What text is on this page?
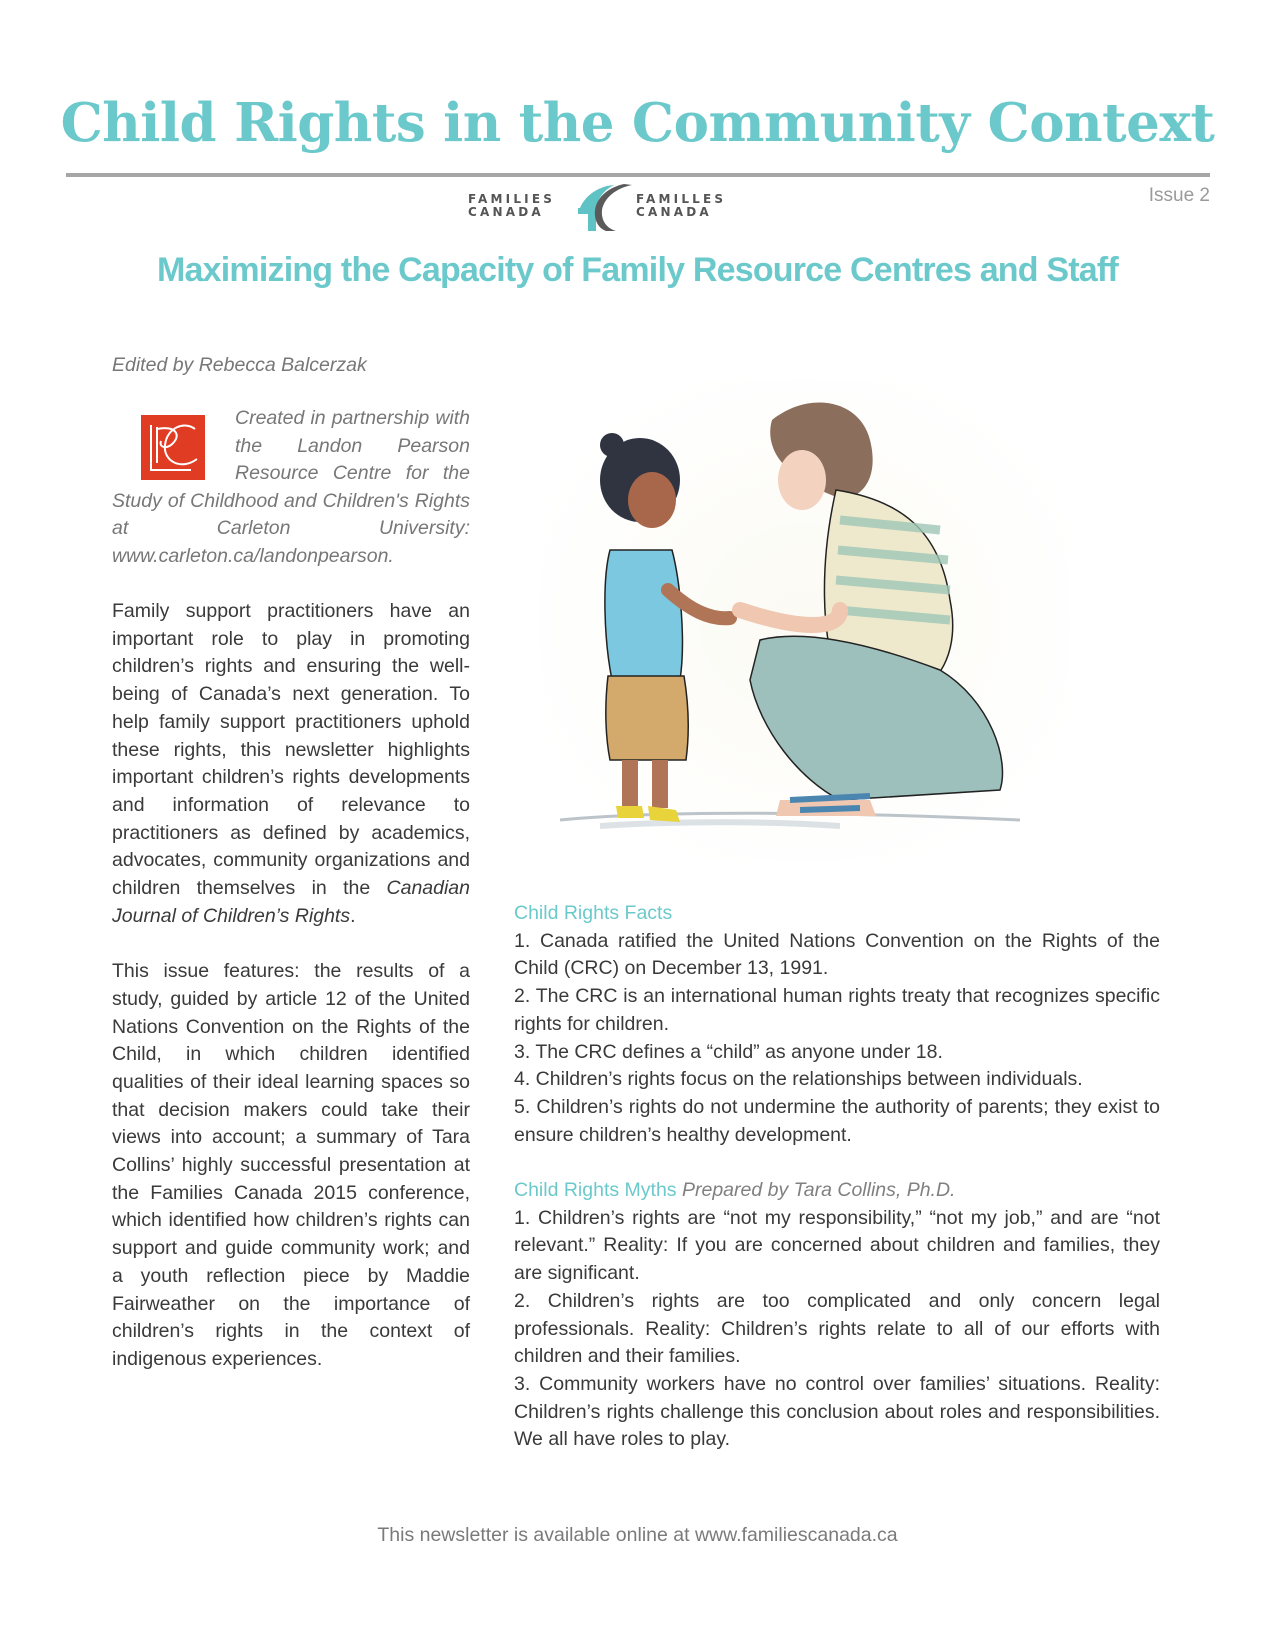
Child Rights in the Community Context
FAMILIES
CANADA
FAMILLES
CANADA
Issue 2
Maximizing the Capacity of Family Resource Centres and Staff
Edited by Rebecca Balcerzak
Created in partnership with the Landon Pearson Resource Centre for the Study of Childhood and Children's Rights at Carleton University: www.carleton.ca/landonpearson.

Family support practitioners have an important role to play in promoting children’s rights and ensuring the well-being of Canada’s next generation. To help family support practitioners uphold these rights, this newsletter highlights important children’s rights developments and information of relevance to practitioners as defined by academics, advocates, community organizations and children themselves in the Canadian Journal of Children’s Rights.

This issue features: the results of a study, guided by article 12 of the United Nations Convention on the Rights of the Child, in which children identified qualities of their ideal learning spaces so that decision makers could take their views into account; a summary of Tara Collins’ highly successful presentation at the Families Canada 2015 conference, which identified how children’s rights can support and guide community work; and a youth reflection piece by Maddie Fairweather on the importance of children’s rights in the context of indigenous experiences.

Child Rights Facts
1. Canada ratified the United Nations Convention on the Rights of the Child (CRC) on December 13, 1991.
2. The CRC is an international human rights treaty that recognizes specific rights for children.
3. The CRC defines a “child” as anyone under 18.
4. Children’s rights focus on the relationships between individuals.
5. Children’s rights do not undermine the authority of parents; they exist to ensure children’s healthy development.
Child Rights Myths Prepared by Tara Collins, Ph.D.
1. Children’s rights are “not my responsibility,” “not my job,” and are “not relevant.” Reality: If you are concerned about children and families, they are significant.
2. Children’s rights are too complicated and only concern legal professionals. Reality: Children’s rights relate to all of our efforts with children and their families.
3. Community workers have no control over families’ situations. Reality: Children’s rights challenge this conclusion about roles and responsibilities. We all have roles to play.
This newsletter is available online at www.familiescanada.ca
